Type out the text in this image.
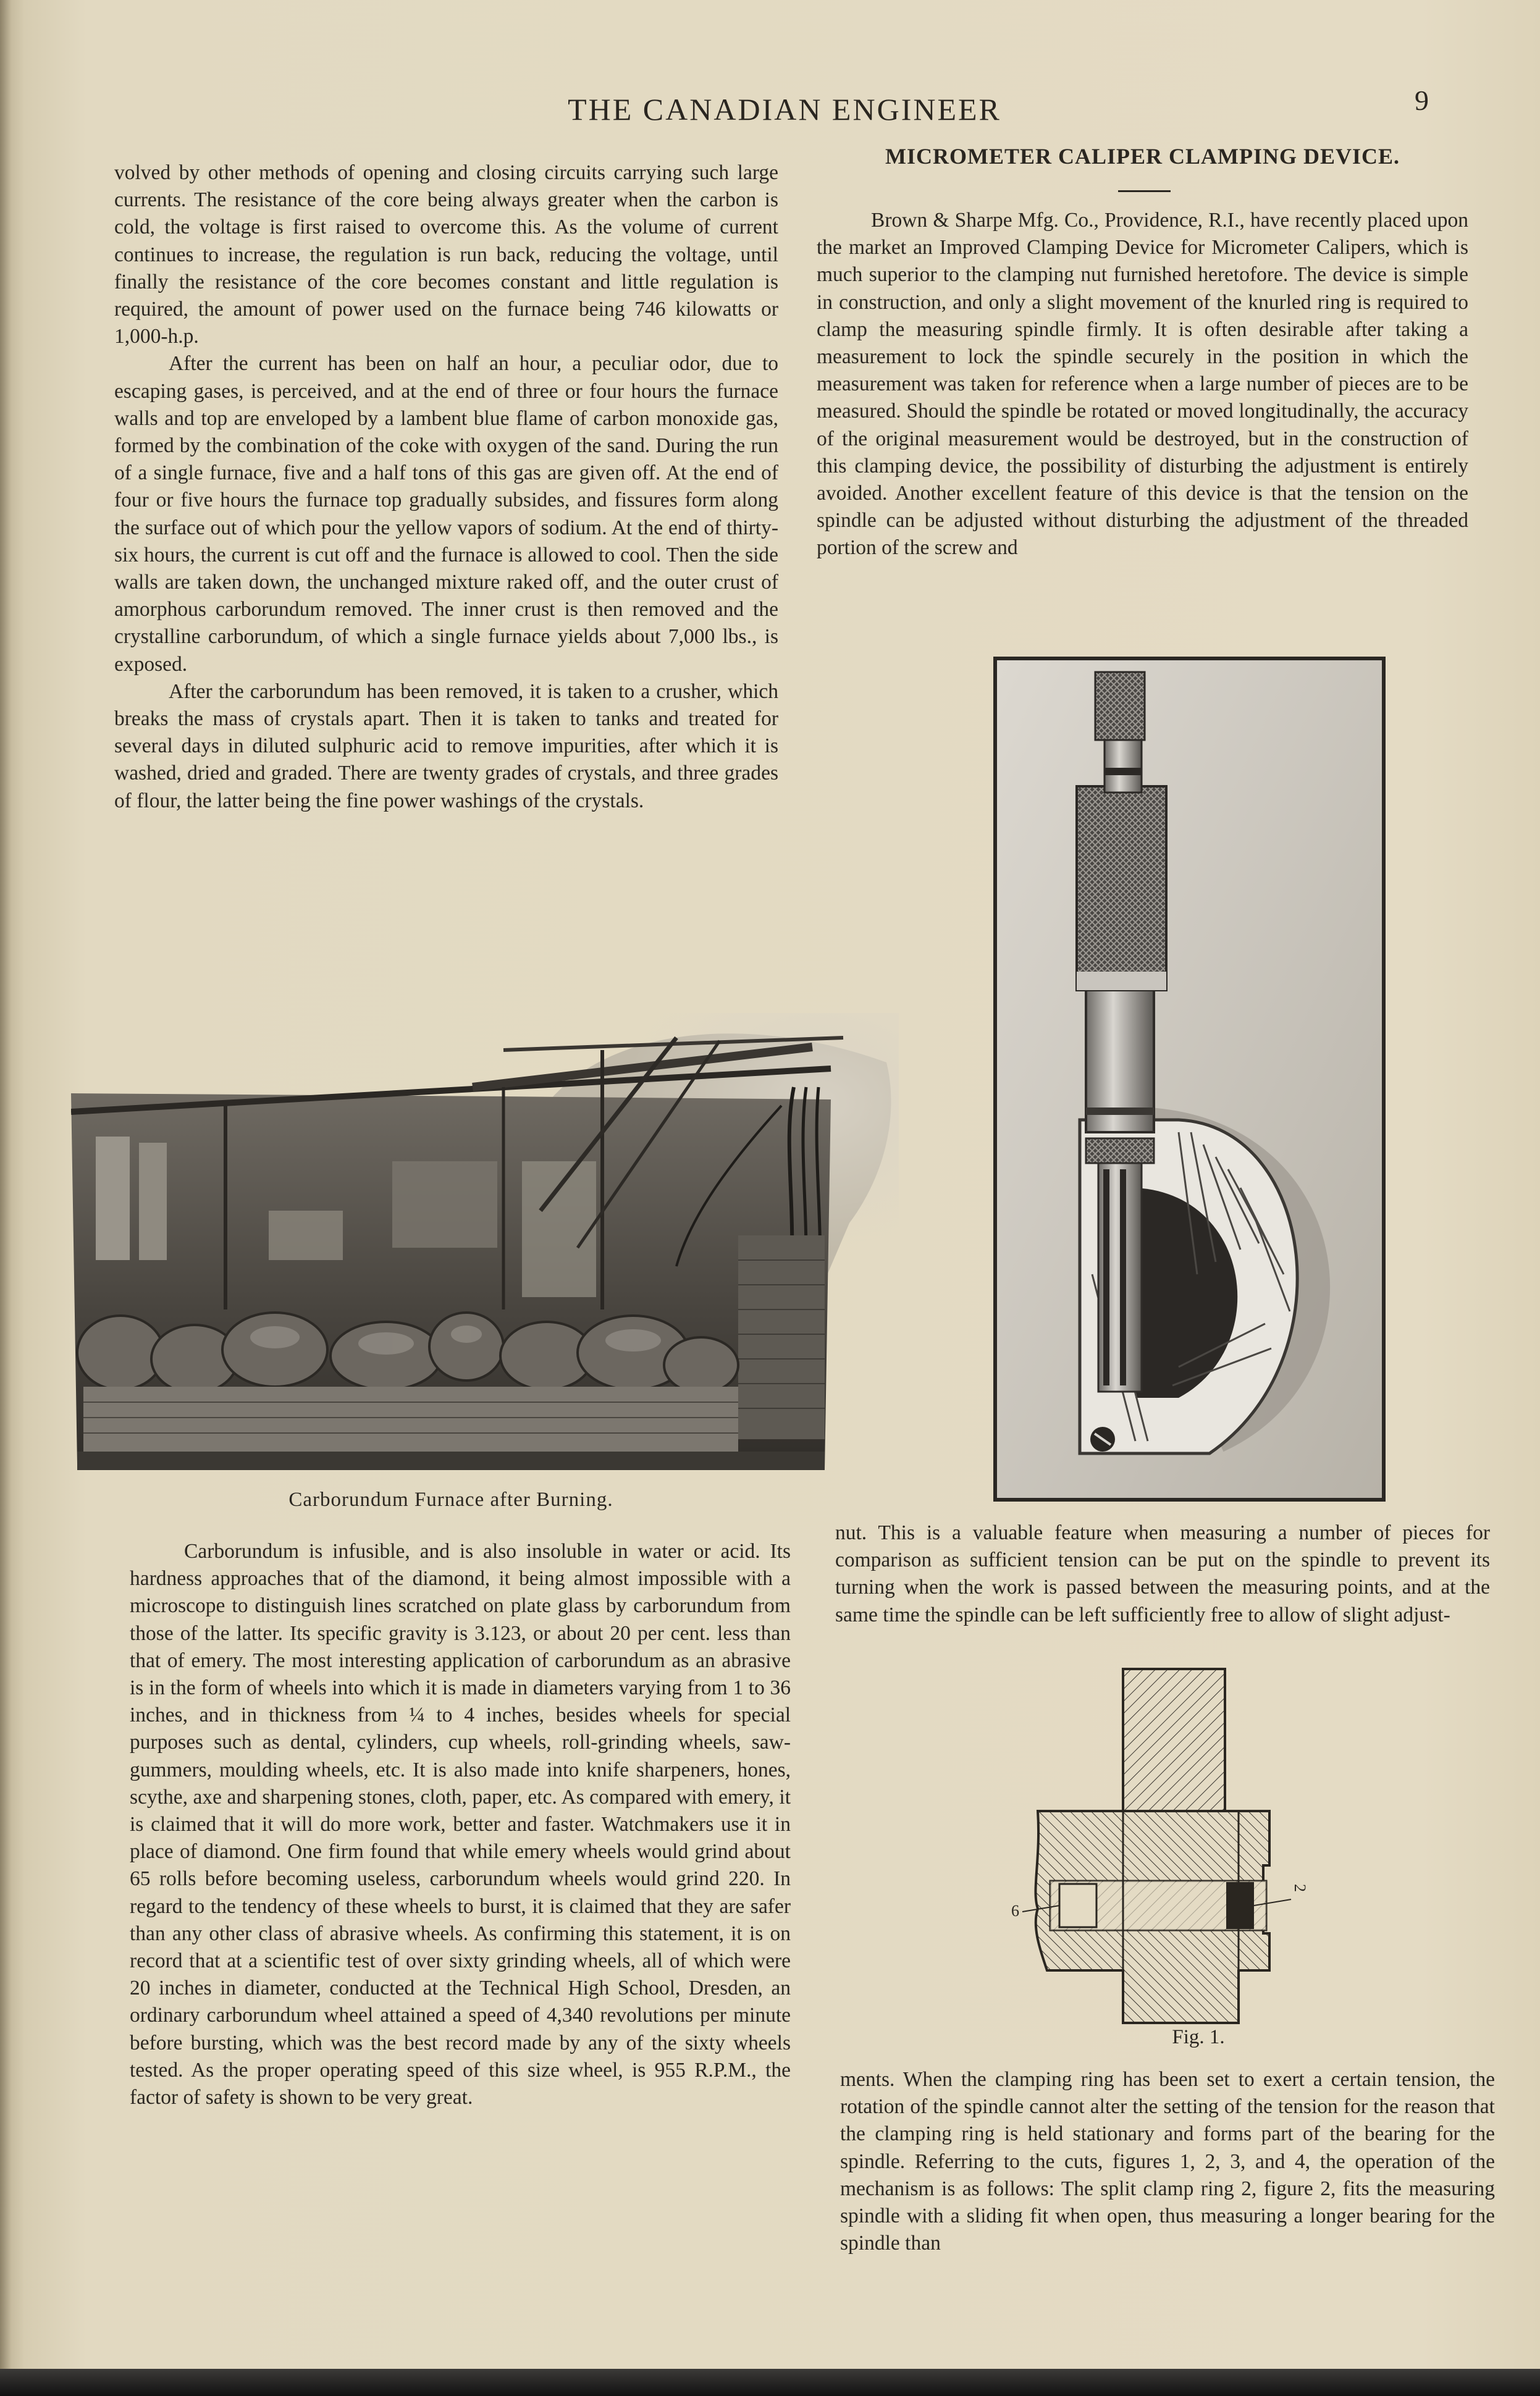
THE CANADIAN ENGINEER	9

volved by other methods of opening and closing circuits carrying such large currents. The resistance of the core being always greater when the carbon is cold, the voltage is first raised to overcome this. As the volume of current continues to increase, the regulation is run back, reducing the voltage, until finally the resistance of the core becomes constant and little regulation is required, the amount of power used on the furnace being 746 kilowatts or 1,000-h.p.

After the current has been on half an hour, a peculiar odor, due to escaping gases, is perceived, and at the end of three or four hours the furnace walls and top are enveloped by a lambent blue flame of carbon monoxide gas, formed by the combination of the coke with oxygen of the sand. During the run of a single furnace, five and a half tons of this gas are given off. At the end of four or five hours the furnace top gradually subsides, and fissures form along the surface out of which pour the yellow vapors of sodium. At the end of thirty-six hours, the current is cut off and the furnace is allowed to cool. Then the side walls are taken down, the unchanged mixture raked off, and the outer crust of amorphous carborundum removed. The inner crust is then removed and the crystalline carborundum, of which a single furnace yields about 7,000 lbs., is exposed.

After the carborundum has been removed, it is taken to a crusher, which breaks the mass of crystals apart. Then it is taken to tanks and treated for several days in diluted sulphuric acid to remove impurities, after which it is washed, dried and graded. There are twenty grades of crystals, and three grades of flour, the latter being the fine power washings of the crystals.

Carborundum Furnace after Burning.

Carborundum is infusible, and is also insoluble in water or acid. Its hardness approaches that of the diamond, it being almost impossible with a microscope to distinguish lines scratched on plate glass by carborundum from those of the latter. Its specific gravity is 3.123, or about 20 per cent. less than that of emery. The most interesting application of carborundum as an abrasive is in the form of wheels into which it is made in diameters varying from 1 to 36 inches, and in thickness from ¼ to 4 inches, besides wheels for special purposes such as dental, cylinders, cup wheels, roll-grinding wheels, saw-gummers, moulding wheels, etc. It is also made into knife sharpeners, hones, scythe, axe and sharpening stones, cloth, paper, etc. As compared with emery, it is claimed that it will do more work, better and faster. Watchmakers use it in place of diamond. One firm found that while emery wheels would grind about 65 rolls before becoming useless, carborundum wheels would grind 220. In regard to the tendency of these wheels to burst, it is claimed that they are safer than any other class of abrasive wheels. As confirming this statement, it is on record that at a scientific test of over sixty grinding wheels, all of which were 20 inches in diameter, conducted at the Technical High School, Dresden, an ordinary carborundum wheel attained a speed of 4,340 revolutions per minute before bursting, which was the best record made by any of the sixty wheels tested. As the proper operating speed of this size wheel, is 955 R.P.M., the factor of safety is shown to be very great.

MICROMETER CALIPER CLAMPING DEVICE.

Brown & Sharpe Mfg. Co., Providence, R.I., have recently placed upon the market an Improved Clamping Device for Micrometer Calipers, which is much superior to the clamping nut furnished heretofore. The device is simple in construction, and only a slight movement of the knurled ring is required to clamp the measuring spindle firmly. It is often desirable after taking a measurement to lock the spindle securely in the position in which the measurement was taken for reference when a large number of pieces are to be measured. Should the spindle be rotated or moved longitudinally, the accuracy of the original measurement would be destroyed, but in the construction of this clamping device, the possibility of disturbing the adjustment is entirely avoided. Another excellent feature of this device is that the tension on the spindle can be adjusted without disturbing the adjustment of the threaded portion of the screw and

nut. This is a valuable feature when measuring a number of pieces for comparison as sufficient tension can be put on the spindle to prevent its turning when the work is passed between the measuring points, and at the same time the spindle can be left sufficiently free to allow of slight adjust-

6
2
Fig. 1.

ments. When the clamping ring has been set to exert a certain tension, the rotation of the spindle cannot alter the setting of the tension for the reason that the clamping ring is held stationary and forms part of the bearing for the spindle. Referring to the cuts, figures 1, 2, 3, and 4, the operation of the mechanism is as follows: The split clamp ring 2, figure 2, fits the measuring spindle with a sliding fit when open, thus measuring a longer bearing for the spindle than
